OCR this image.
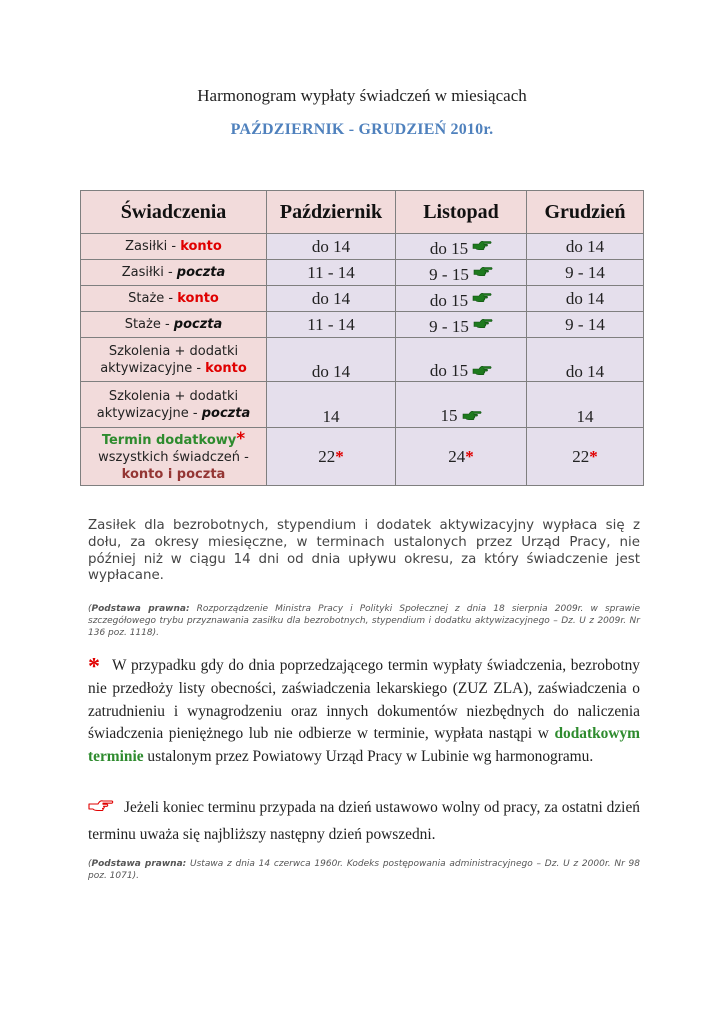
Harmonogram wypłaty świadczeń w miesiącach
PAŹDZIERNIK - GRUDZIEŃ 2010r.
Świadczenia	Październik	Listopad	Grudzień
Zasiłki - konto	do 14	do 15	do 14
Zasiłki - poczta	11 - 14	9 - 15	9 - 14
Staże - konto	do 14	do 15	do 14
Staże - poczta	11 - 14	9 - 15	9 - 14
Szkolenia + dodatki
aktywizacyjne - konto	do 14	do 15	do 14
Szkolenia + dodatki
aktywizacyjne - poczta	14	15	14
Termin dodatkowy*
wszystkich świadczeń -
konto i poczta	22*	24*	22*
Zasiłek dla bezrobotnych, stypendium i dodatek aktywizacyjny wypłaca się z dołu, za okresy miesięczne, w terminach ustalonych przez Urząd Pracy, nie później niż w ciągu 14 dni od dnia upływu okresu, za który świadczenie jest wypłacane.
(Podstawa prawna: Rozporządzenie Ministra Pracy i Polityki Społecznej z dnia 18 sierpnia 2009r. w sprawie szczegółowego trybu przyznawania zasiłku dla bezrobotnych, stypendium i dodatku aktywizacyjnego – Dz. U z 2009r. Nr 136 poz. 1118).
* W przypadku gdy do dnia poprzedzającego termin wypłaty świadczenia, bezrobotny nie przedłoży listy obecności, zaświadczenia lekarskiego (ZUZ ZLA), zaświadczenia o zatrudnieniu i wynagrodzeniu oraz innych dokumentów niezbędnych do naliczenia świadczenia pieniężnego lub nie odbierze w terminie, wypłata nastąpi w dodatkowym terminie ustalonym przez Powiatowy Urząd Pracy w Lubinie wg harmonogramu.
Jeżeli koniec terminu przypada na dzień ustawowo wolny od pracy, za ostatni dzień terminu uważa się najbliższy następny dzień powszedni.
(Podstawa prawna: Ustawa z dnia 14 czerwca 1960r. Kodeks postępowania administracyjnego – Dz. U z 2000r. Nr 98 poz. 1071).
